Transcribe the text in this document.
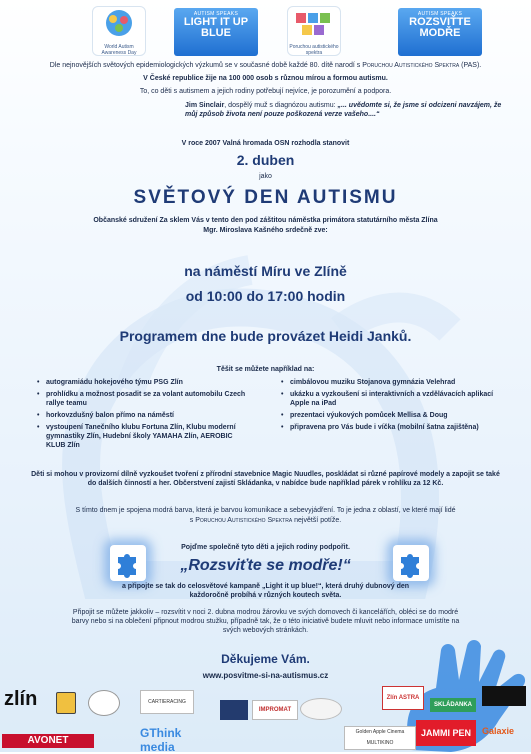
World Autism Awareness Day
AUTISM SPEAKS
LIGHT IT UP BLUE
Poruchou autistického spektra
AUTISM SPEAKS
ROZSVIŤTE MODŘE
Dle nejnovějších světových epidemiologických výzkumů se v současné době každé 80. dítě narodí s Poruchou Autistického Spektra (PAS).
V České republice žije na 100 000 osob s různou mírou a formou autismu.
To, co děti s autismem a jejich rodiny potřebují nejvíce, je porozumění a podpora.
Jim Sinclair, dospělý muž s diagnózou autismu: „... uvědomte si, že jsme si odcizeni navzájem, že můj způsob života není pouze poškozená verze vašeho....“
V roce 2007 Valná hromada OSN rozhodla stanovit
2. duben
jako
SVĚTOVÝ DEN AUTISMU
Občanské sdružení Za sklem Vás v tento den pod záštitou náměstka primátora statutárního města Zlína
Mgr. Miroslava Kašného srdečně zve:
na náměstí Míru ve Zlíně
od 10:00 do 17:00 hodin
Programem dne bude provázet Heidi Janků.
Těšit se můžete například na:
• autogramiádu hokejového týmu PSG Zlín
• prohlídku a možnost posadit se za volant automobilu Czech rallye teamu
• horkovzdušný balon přímo na náměstí
• vystoupení Tanečního klubu Fortuna Zlín, Klubu moderní gymnastiky Zlín, Hudební školy YAMAHA Zlín, AEROBIC KLUB Zlín
• cimbálovou muziku Stojanova gymnázia Velehrad
• ukázku a vyzkoušení si interaktivních a vzdělávacích aplikací Apple na iPad
• prezentaci výukových pomůcek Mellisa & Doug
• připravena pro Vás bude i víčka (mobilní šatna zajištěna)
Děti si mohou v provizorní dílně vyzkoušet tvoření z přírodní stavebnice Magic Nuudles, poskládat si různé papírové modely a zapojit se také do dalších činností a her. Občerstvení zajistí Skládanka, v nabídce bude například párek v rohlíku za 12 Kč.
S tímto dnem je spojena modrá barva, která je barvou komunikace a sebevyjádření. To je jedna z oblastí, ve které mají lidé
s Poruchou Autistického Spektra největší potíže.
Pojďme společně tyto děti a jejich rodiny podpořit.
„Rozsviťte se modře!“
a připojte se tak do celosvětové kampaně „Light it up blue!“, která druhý dubnový den každoročně probíhá v různých koutech světa.
Připojit se můžete jakkoliv – rozsvítit v noci 2. dubna modrou žárovku ve svých domovech či kancelářích, obléci se do modré barvy nebo si na oblečení připnout modrou stužku, případně tak, že o této iniciativě budete mluvit nebo informace umístíte na svých webových stránkách.
Děkujeme Vám.
www.posvitme-si-na-autismus.cz
zlín	CARTIERACING
IMPROMAT
Zlín ASTRA
SKLÁDANKA
AVONET
GThink media
Golden Apple Cinema MULTIKINO
JAMMI PEN	Galaxie
